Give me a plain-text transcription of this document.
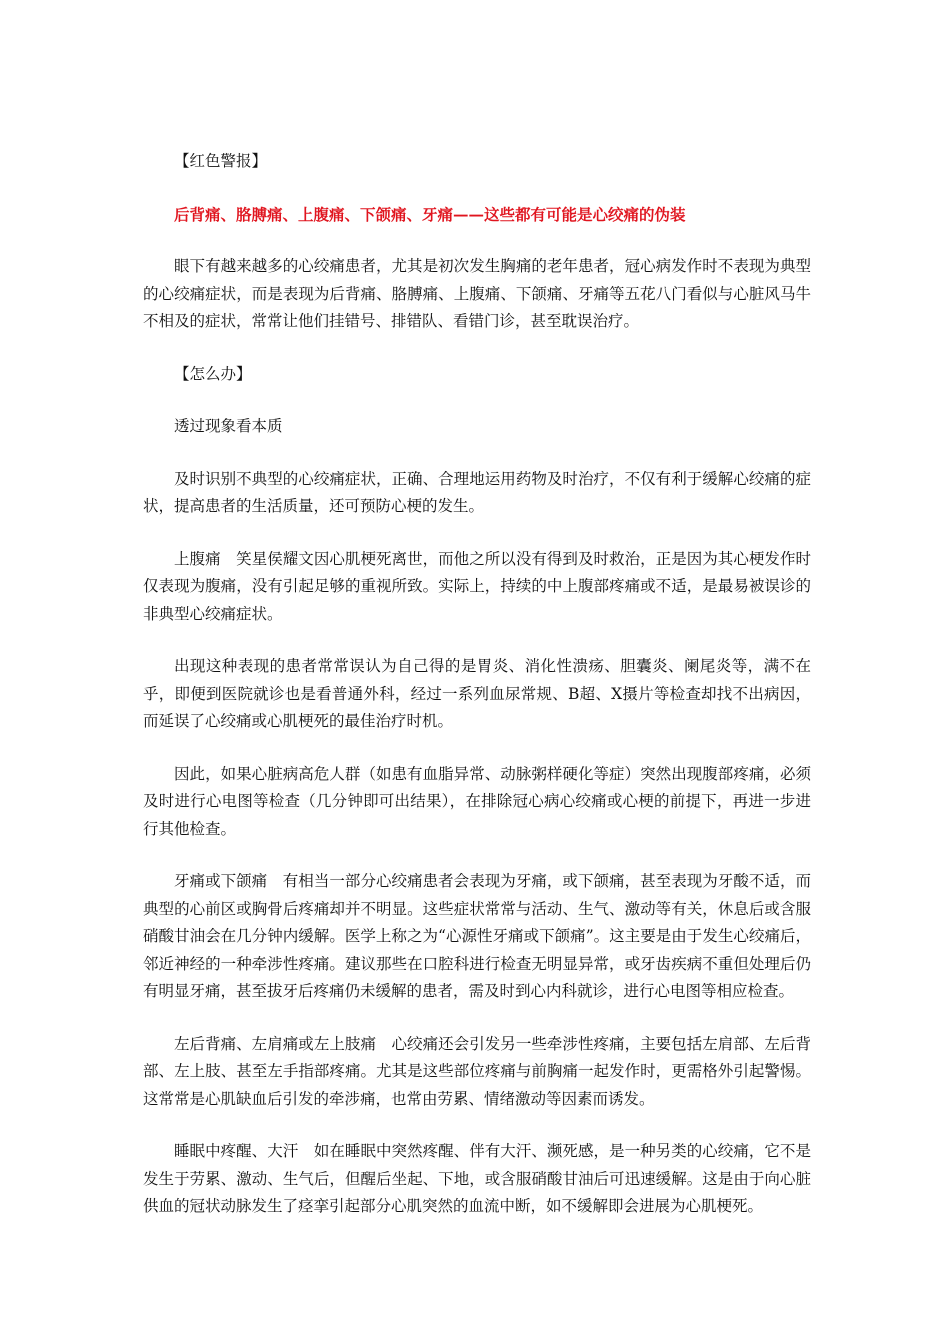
【红色警报】

后背痛、胳膊痛、上腹痛、下颌痛、牙痛——这些都有可能是心绞痛的伪装

眼下有越来越多的心绞痛患者，尤其是初次发生胸痛的老年患者，冠心病发作时不表现为典型的心绞痛症状，而是表现为后背痛、胳膊痛、上腹痛、下颌痛、牙痛等五花八门看似与心脏风马牛不相及的症状，常常让他们挂错号、排错队、看错门诊，甚至耽误治疗。

【怎么办】

透过现象看本质

及时识别不典型的心绞痛症状，正确、合理地运用药物及时治疗，不仅有利于缓解心绞痛的症状，提高患者的生活质量，还可预防心梗的发生。

上腹痛　笑星侯耀文因心肌梗死离世，而他之所以没有得到及时救治，正是因为其心梗发作时仅表现为腹痛，没有引起足够的重视所致。实际上，持续的中上腹部疼痛或不适，是最易被误诊的非典型心绞痛症状。

出现这种表现的患者常常误认为自己得的是胃炎、消化性溃疡、胆囊炎、阑尾炎等，满不在乎，即便到医院就诊也是看普通外科，经过一系列血尿常规、B超、X摄片等检查却找不出病因，而延误了心绞痛或心肌梗死的最佳治疗时机。

因此，如果心脏病高危人群（如患有血脂异常、动脉粥样硬化等症）突然出现腹部疼痛，必须及时进行心电图等检查（几分钟即可出结果），在排除冠心病心绞痛或心梗的前提下，再进一步进行其他检查。

牙痛或下颌痛　有相当一部分心绞痛患者会表现为牙痛，或下颌痛，甚至表现为牙酸不适，而典型的心前区或胸骨后疼痛却并不明显。这些症状常常与活动、生气、激动等有关，休息后或含服硝酸甘油会在几分钟内缓解。医学上称之为“心源性牙痛或下颌痛”。这主要是由于发生心绞痛后，邻近神经的一种牵涉性疼痛。建议那些在口腔科进行检查无明显异常，或牙齿疾病不重但处理后仍有明显牙痛，甚至拔牙后疼痛仍未缓解的患者，需及时到心内科就诊，进行心电图等相应检查。

左后背痛、左肩痛或左上肢痛　心绞痛还会引发另一些牵涉性疼痛，主要包括左肩部、左后背部、左上肢、甚至左手指部疼痛。尤其是这些部位疼痛与前胸痛一起发作时，更需格外引起警惕。这常常是心肌缺血后引发的牵涉痛，也常由劳累、情绪激动等因素而诱发。

睡眠中疼醒、大汗　如在睡眠中突然疼醒、伴有大汗、濒死感，是一种另类的心绞痛，它不是发生于劳累、激动、生气后，但醒后坐起、下地，或含服硝酸甘油后可迅速缓解。这是由于向心脏供血的冠状动脉发生了痉挛引起部分心肌突然的血流中断，如不缓解即会进展为心肌梗死。
